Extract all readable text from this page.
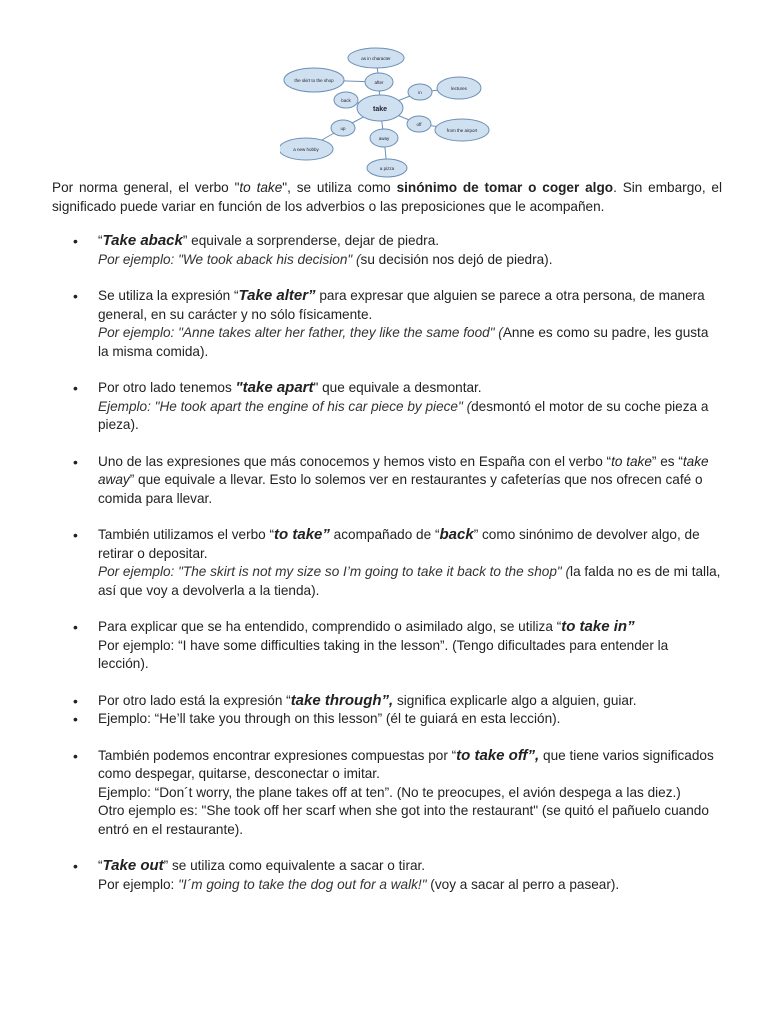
take
as in character
after
the skirt to the shop
in
lectures
back
off
from the airport
up
away
a new hobby
a pizza

Por norma general, el verbo "to take", se utiliza como sinónimo de tomar o coger algo. Sin embargo, el significado puede variar en función de los adverbios o las preposiciones que le acompañen.

• “Take aback” equivale a sorprenderse, dejar de piedra.
Por ejemplo: "We took aback his decision" (su decisión nos dejó de piedra).
• Se utiliza la expresión “Take alter” para expresar que alguien se parece a otra persona, de manera general, en su carácter y no sólo físicamente.
Por ejemplo: "Anne takes alter her father, they like the same food" (Anne es como su padre, les gusta la misma comida).
• Por otro lado tenemos "take apart" que equivale a desmontar.
Ejemplo: "He took apart the engine of his car piece by piece" (desmontó el motor de su coche pieza a pieza).
• Uno de las expresiones que más conocemos y hemos visto en España con el verbo “to take” es “take away” que equivale a llevar. Esto lo solemos ver en restaurantes y cafeterías que nos ofrecen café o comida para llevar.
• También utilizamos el verbo “to take” acompañado de “back” como sinónimo de devolver algo, de retirar o depositar.
Por ejemplo: "The skirt is not my size so I’m going to take it back to the shop" (la falda no es de mi talla, así que voy a devolverla a la tienda).
• Para explicar que se ha entendido, comprendido o asimilado algo, se utiliza “to take in”
Por ejemplo: “I have some difficulties taking in the lesson”. (Tengo dificultades para entender la lección).
• Por otro lado está la expresión “take through”, significa explicarle algo a alguien, guiar.
• Ejemplo: “He’ll take you through on this lesson” (él te guiará en esta lección).
• También podemos encontrar expresiones compuestas por “to take off”, que tiene varios significados como despegar, quitarse, desconectar o imitar.
Ejemplo: “Don´t worry, the plane takes off at ten”. (No te preocupes, el avión despega a las diez.)
Otro ejemplo es: "She took off her scarf when she got into the restaurant" (se quitó el pañuelo cuando entró en el restaurante).
• “Take out” se utiliza como equivalente a sacar o tirar.
Por ejemplo: "I´m going to take the dog out for a walk!" (voy a sacar al perro a pasear).
